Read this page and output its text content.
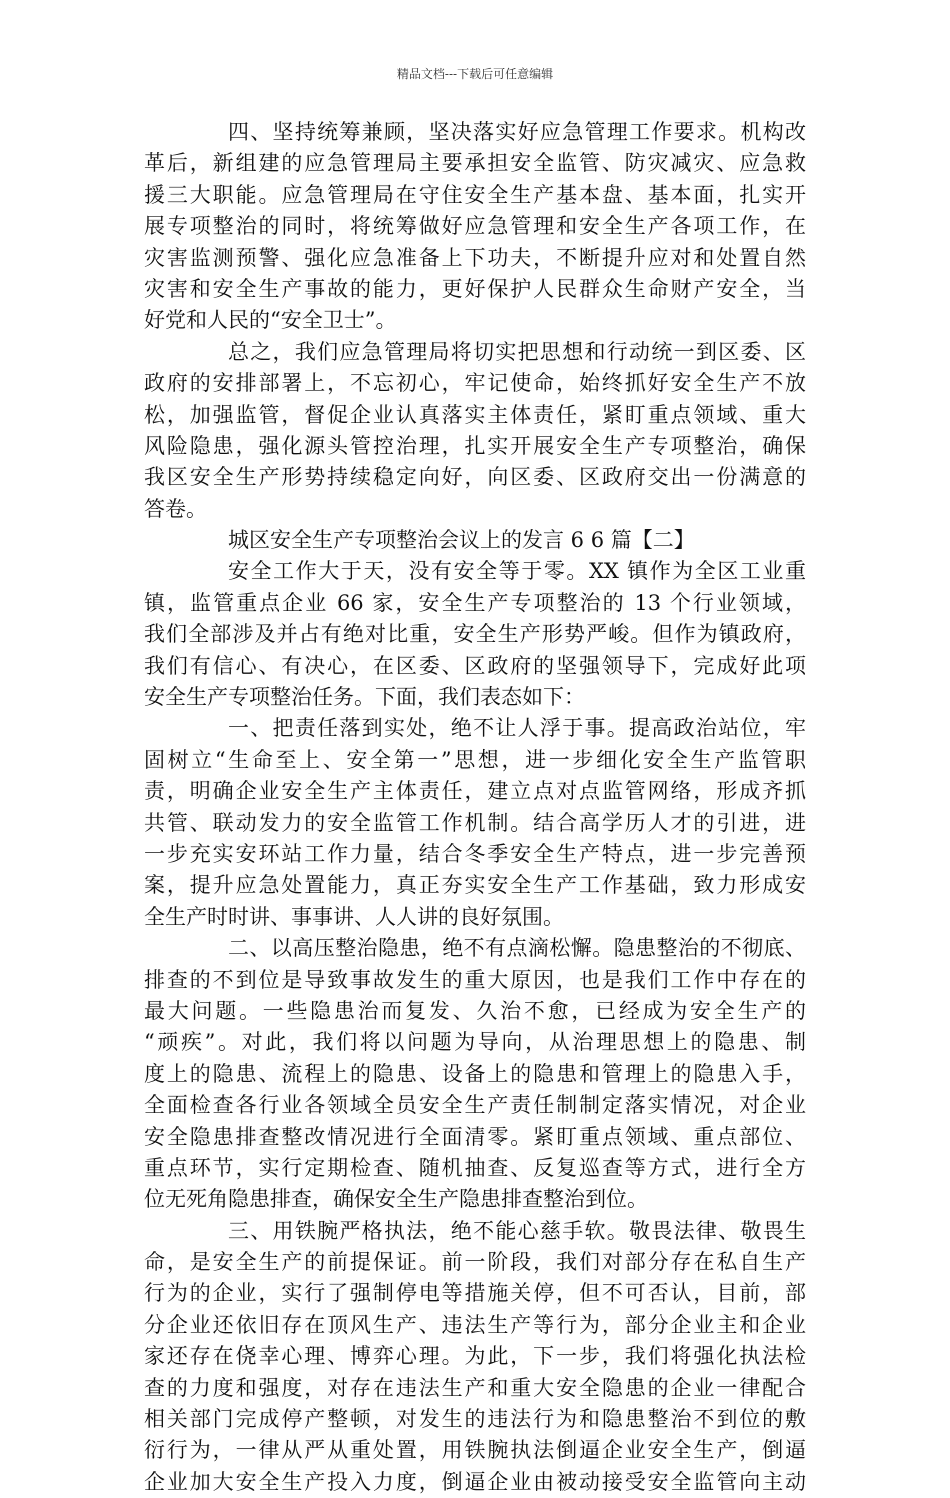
精品文档---下载后可任意编辑
四、坚持统筹兼顾，坚决落实好应急管理工作要求。机构改
革后，新组建的应急管理局主要承担安全监管、防灾减灾、应急救
援三大职能。应急管理局在守住安全生产基本盘、基本面，扎实开
展专项整治的同时，将统筹做好应急管理和安全生产各项工作，在
灾害监测预警、强化应急准备上下功夫，不断提升应对和处置自然
灾害和安全生产事故的能力，更好保护人民群众生命财产安全，当
好党和人民的“安全卫士”。
总之，我们应急管理局将切实把思想和行动统一到区委、区
政府的安排部署上，不忘初心，牢记使命，始终抓好安全生产不放
松，加强监管，督促企业认真落实主体责任，紧盯重点领域、重大
风险隐患，强化源头管控治理，扎实开展安全生产专项整治，确保
我区安全生产形势持续稳定向好，向区委、区政府交出一份满意的
答卷。
城区安全生产专项整治会议上的发言 6 6 篇【二】
安全工作大于天，没有安全等于零。XX 镇作为全区工业重
镇，监管重点企业 66 家，安全生产专项整治的 13 个行业领域，
我们全部涉及并占有绝对比重，安全生产形势严峻。但作为镇政府，
我们有信心、有决心，在区委、区政府的坚强领导下，完成好此项
安全生产专项整治任务。下面，我们表态如下：
一、把责任落到实处，绝不让人浮于事。提高政治站位，牢
固树立“生命至上、安全第一”思想，进一步细化安全生产监管职
责，明确企业安全生产主体责任，建立点对点监管网络，形成齐抓
共管、联动发力的安全监管工作机制。结合高学历人才的引进，进
一步充实安环站工作力量，结合冬季安全生产特点，进一步完善预
案，提升应急处置能力，真正夯实安全生产工作基础，致力形成安
全生产时时讲、事事讲、人人讲的良好氛围。
二、以高压整治隐患，绝不有点滴松懈。隐患整治的不彻底、
排查的不到位是导致事故发生的重大原因，也是我们工作中存在的
最大问题。一些隐患治而复发、久治不愈，已经成为安全生产的
“顽疾”。对此，我们将以问题为导向，从治理思想上的隐患、制
度上的隐患、流程上的隐患、设备上的隐患和管理上的隐患入手，
全面检查各行业各领域全员安全生产责任制制定落实情况，对企业
安全隐患排查整改情况进行全面清零。紧盯重点领域、重点部位、
重点环节，实行定期检查、随机抽查、反复巡查等方式，进行全方
位无死角隐患排查，确保安全生产隐患排查整治到位。
三、用铁腕严格执法，绝不能心慈手软。敬畏法律、敬畏生
命，是安全生产的前提保证。前一阶段，我们对部分存在私自生产
行为的企业，实行了强制停电等措施关停，但不可否认，目前，部
分企业还依旧存在顶风生产、违法生产等行为，部分企业主和企业
家还存在侥幸心理、博弈心理。为此，下一步，我们将强化执法检
查的力度和强度，对存在违法生产和重大安全隐患的企业一律配合
相关部门完成停产整顿，对发生的违法行为和隐患整治不到位的敷
衍行为，一律从严从重处置，用铁腕执法倒逼企业安全生产，倒逼
企业加大安全生产投入力度，倒逼企业由被动接受安全监管向主动
